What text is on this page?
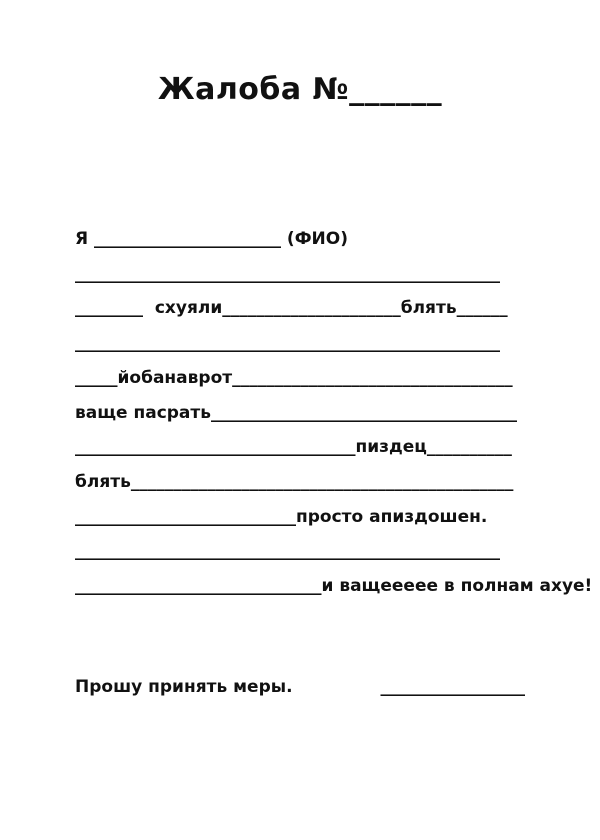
Жалоба №______
Я ______________________ (ФИО)
__________________________________________________
________  схуяли_____________________блять______
__________________________________________________
_____йобанаврот_________________________________
ваще пасрать____________________________________
_________________________________пиздец__________
блять_____________________________________________
__________________________просто апиздошен.
__________________________________________________
_____________________________и ващеееее в полнам ахуе!
Прошу принять меры.	_________________
